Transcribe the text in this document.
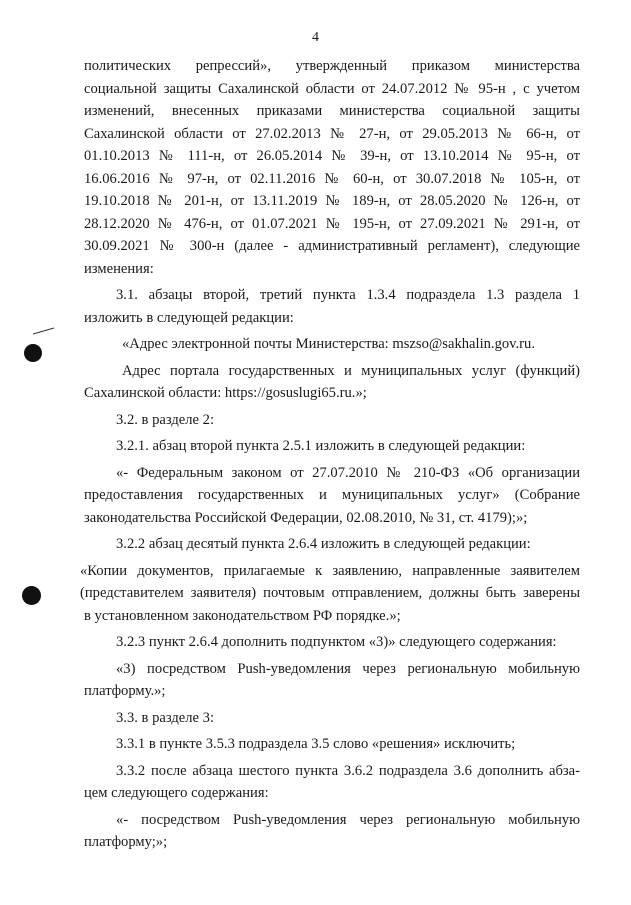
4
политических репрессий», утвержденный приказом министерства
социальной защиты Сахалинской области от 24.07.2012 № 95-н , с учетом
изменений, внесенных приказами министерства социальной защиты
Сахалинской области от 27.02.2013 № 27-н, от 29.05.2013 № 66-н, от
01.10.2013 № 111-н, от 26.05.2014 № 39-н, от 13.10.2014 № 95-н, от
16.06.2016 № 97-н, от 02.11.2016 № 60-н, от 30.07.2018 № 105-н, от
19.10.2018 № 201-н, от 13.11.2019 № 189-н, от 28.05.2020 № 126-н, от
28.12.2020 № 476-н, от 01.07.2021 № 195-н, от 27.09.2021 № 291-н, от
30.09.2021 № 300-н (далее - административный регламент), следующие
изменения:
3.1. абзацы второй, третий пункта 1.3.4 подраздела 1.3 раздела 1
изложить в следующей редакции:
«Адрес электронной почты Министерства: mszso@sakhalin.gov.ru.
Адрес портала государственных и муниципальных услуг (функций)
Сахалинской области: https://gosuslugi65.ru.»;
3.2. в разделе 2:
3.2.1. абзац второй пункта 2.5.1 изложить в следующей редакции:
«- Федеральным законом от 27.07.2010 № 210-ФЗ «Об организации
предоставления государственных и муниципальных услуг» (Собрание
законодательства Российской Федерации, 02.08.2010, № 31, ст. 4179);»;
3.2.2 абзац десятый пункта 2.6.4 изложить в следующей редакции:
«Копии документов, прилагаемые к заявлению, направленные заявителем
(представителем заявителя) почтовым отправлением, должны быть заверены
в установленном законодательством РФ порядке.»;
3.2.3 пункт 2.6.4 дополнить подпунктом «3)» следующего содержания:
«3) посредством Push-уведомления через региональную мобильную
платформу.»;
3.3. в разделе 3:
3.3.1 в пункте 3.5.3 подраздела 3.5 слово «решения» исключить;
3.3.2 после абзаца шестого пункта 3.6.2 подраздела 3.6 дополнить абза-
цем следующего содержания:
«- посредством Push-уведомления через региональную мобильную
платформу;»;
